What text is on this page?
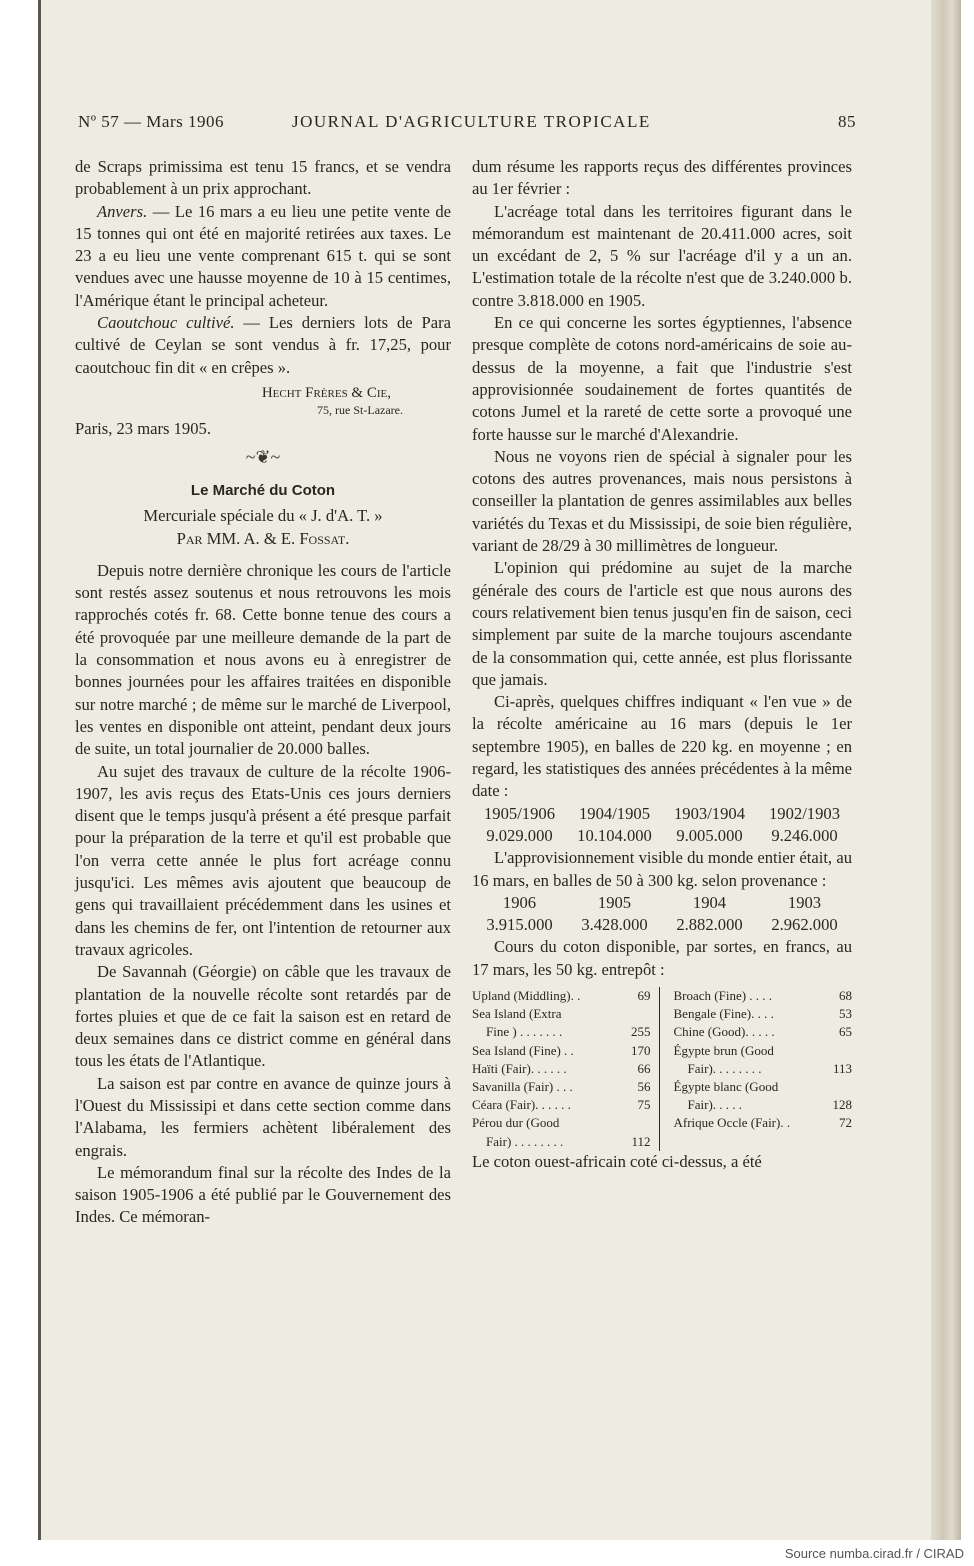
Nº 57 — Mars 1906	JOURNAL D'AGRICULTURE TROPICALE	85

de Scraps primissima est tenu 15 francs, et se vendra probablement à un prix approchant.

Anvers. — Le 16 mars a eu lieu une petite vente de 15 tonnes qui ont été en majorité retirées aux taxes. Le 23 a eu lieu une vente comprenant 615 t. qui se sont vendues avec une hausse moyenne de 10 à 15 centimes, l'Amérique étant le principal acheteur.

Caoutchouc cultivé. — Les derniers lots de Para cultivé de Ceylan se sont vendus à fr. 17,25, pour caoutchouc fin dit « en crêpes ».

Hecht Frères & Cie,
75, rue St-Lazare.

Paris, 23 mars 1905.

~❦~
Le Marché du Coton
Mercuriale spéciale du « J. d'A. T. »
Par MM. A. & E. Fossat.

Depuis notre dernière chronique les cours de l'article sont restés assez soutenus et nous retrouvons les mois rapprochés cotés fr. 68. Cette bonne tenue des cours a été provoquée par une meilleure demande de la part de la consommation et nous avons eu à enregistrer de bonnes journées pour les affaires traitées en disponible sur notre marché ; de même sur le marché de Liverpool, les ventes en disponible ont atteint, pendant deux jours de suite, un total journalier de 20.000 balles.

Au sujet des travaux de culture de la récolte 1906-1907, les avis reçus des Etats-Unis ces jours derniers disent que le temps jusqu'à présent a été presque parfait pour la préparation de la terre et qu'il est probable que l'on verra cette année le plus fort acréage connu jusqu'ici. Les mêmes avis ajoutent que beaucoup de gens qui travaillaient précédemment dans les usines et dans les chemins de fer, ont l'intention de retourner aux travaux agricoles.

De Savannah (Géorgie) on câble que les travaux de plantation de la nouvelle récolte sont retardés par de fortes pluies et que de ce fait la saison est en retard de deux semaines dans ce district comme en général dans tous les états de l'Atlantique.

La saison est par contre en avance de quinze jours à l'Ouest du Mississipi et dans cette section comme dans l'Alabama, les fermiers achètent libéralement des engrais.

Le mémorandum final sur la récolte des Indes de la saison 1905-1906 a été publié par le Gouvernement des Indes. Ce mémoran-

dum résume les rapports reçus des différentes provinces au 1er février :

L'acréage total dans les territoires figurant dans le mémorandum est maintenant de 20.411.000 acres, soit un excédant de 2, 5 % sur l'acréage d'il y a un an. L'estimation totale de la récolte n'est que de 3.240.000 b. contre 3.818.000 en 1905.

En ce qui concerne les sortes égyptiennes, l'absence presque complète de cotons nord-américains de soie au-dessus de la moyenne, a fait que l'industrie s'est approvisionnée soudainement de fortes quantités de cotons Jumel et la rareté de cette sorte a provoqué une forte hausse sur le marché d'Alexandrie.

Nous ne voyons rien de spécial à signaler pour les cotons des autres provenances, mais nous persistons à conseiller la plantation de genres assimilables aux belles variétés du Texas et du Mississipi, de soie bien régulière, variant de 28/29 à 30 millimètres de longueur.

L'opinion qui prédomine au sujet de la marche générale des cours de l'article est que nous aurons des cours relativement bien tenus jusqu'en fin de saison, ceci simplement par suite de la marche toujours ascendante de la consommation qui, cette année, est plus florissante que jamais.

Ci-après, quelques chiffres indiquant « l'en vue » de la récolte américaine au 16 mars (depuis le 1er septembre 1905), en balles de 220 kg. en moyenne ; en regard, les statistiques des années précédentes à la même date :

1905/1906	1904/1905	1903/1904	1902/1903
9.029.000	10.104.000	9.005.000	9.246.000

L'approvisionnement visible du monde entier était, au 16 mars, en balles de 50 à 300 kg. selon provenance :

1906	1905	1904	1903
3.915.000	3.428.000	2.882.000	2.962.000

Cours du coton disponible, par sortes, en francs, au 17 mars, les 50 kg. entrepôt :

Upland (Middling). .	69
Sea Island (Extra
Fine ) . . . . . . .	255
Sea Island (Fine) . .	170
Haïti (Fair). . . . . .	66
Savanilla (Fair) . . .	56
Céara (Fair). . . . . .	75
Pérou dur (Good
Fair) . . . . . . . .	112
Broach (Fine) . . . .	68
Bengale (Fine). . . .	53
Chine (Good). . . . .	65
Égypte brun (Good
Fair). . . . . . . .	113
Égypte blanc (Good
Fair). . . . .	128
Afrique Occle (Fair). .	72

Le coton ouest-africain coté ci-dessus, a été

Source numba.cirad.fr / CIRAD
